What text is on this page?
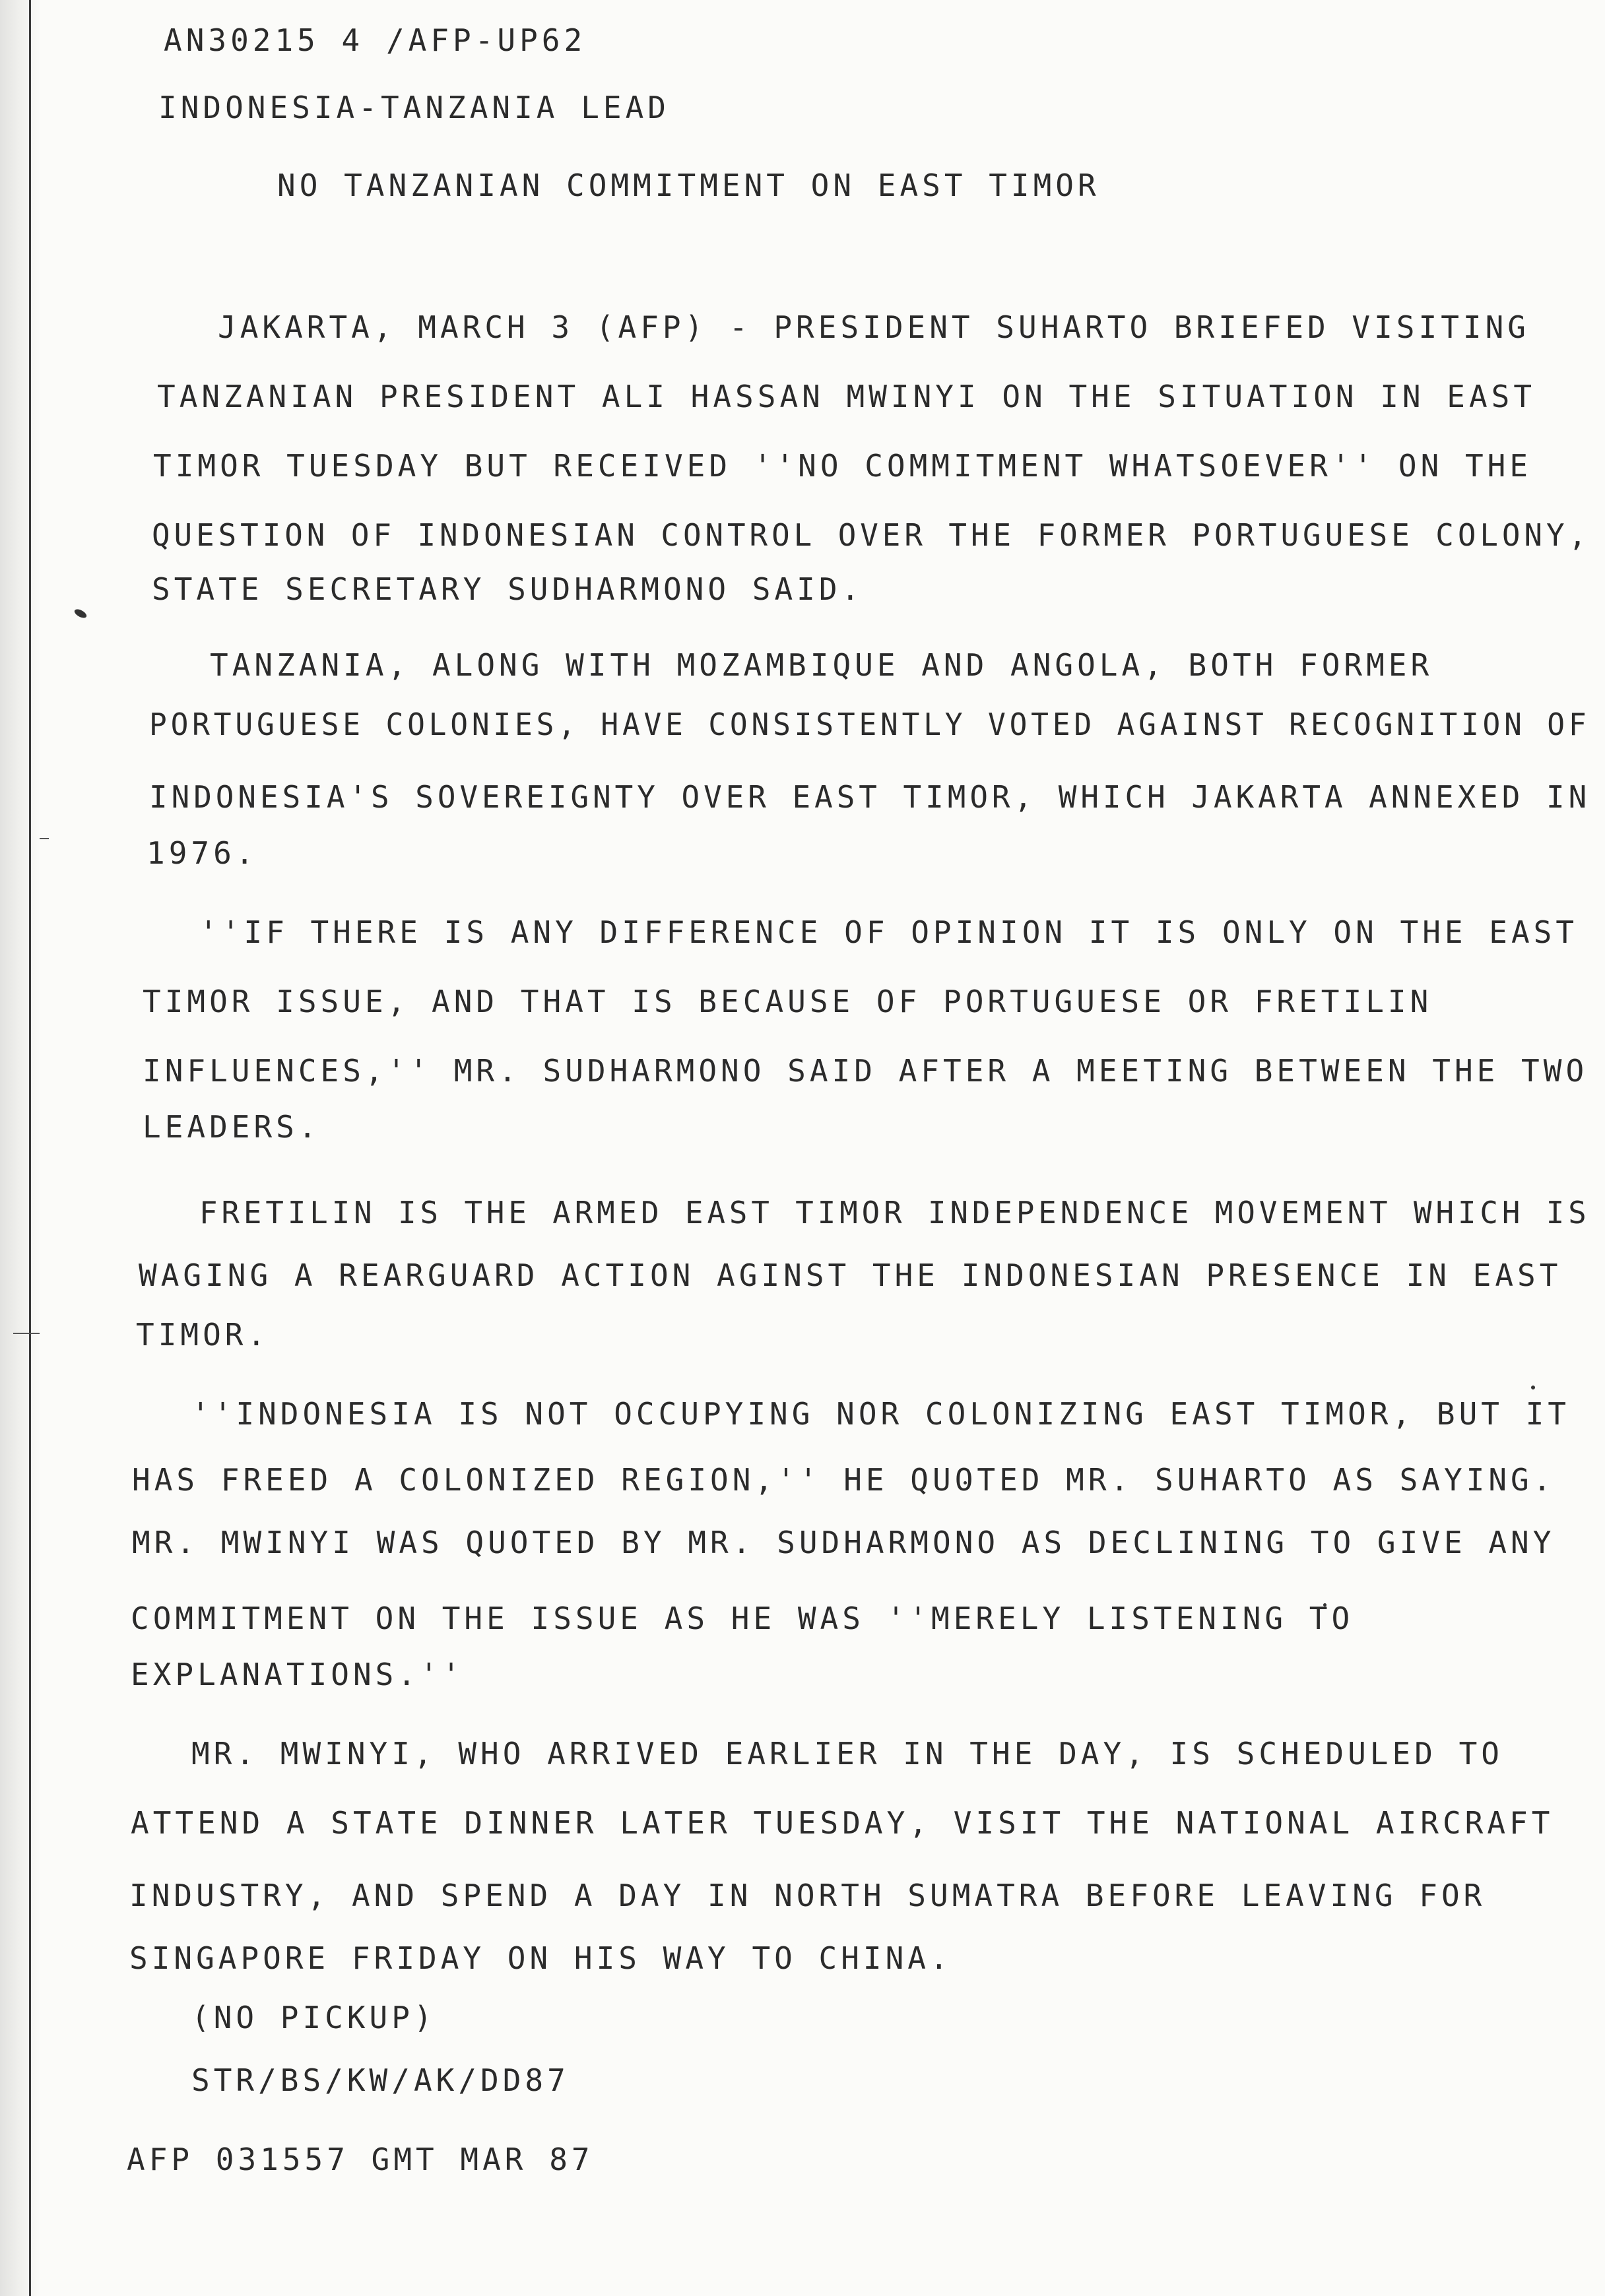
AN30215 4 /AFP-UP62
INDONESIA-TANZANIA LEAD
NO TANZANIAN COMMITMENT ON EAST TIMOR
JAKARTA, MARCH 3 (AFP) - PRESIDENT SUHARTO BRIEFED VISITING
TANZANIAN PRESIDENT ALI HASSAN MWINYI ON THE SITUATION IN EAST
TIMOR TUESDAY BUT RECEIVED ''NO COMMITMENT WHATSOEVER'' ON THE
QUESTION OF INDONESIAN CONTROL OVER THE FORMER PORTUGUESE COLONY,
STATE SECRETARY SUDHARMONO SAID.
TANZANIA, ALONG WITH MOZAMBIQUE AND ANGOLA, BOTH FORMER
PORTUGUESE COLONIES, HAVE CONSISTENTLY VOTED AGAINST RECOGNITION OF
INDONESIA'S SOVEREIGNTY OVER EAST TIMOR, WHICH JAKARTA ANNEXED IN
1976.
''IF THERE IS ANY DIFFERENCE OF OPINION IT IS ONLY ON THE EAST
TIMOR ISSUE, AND THAT IS BECAUSE OF PORTUGUESE OR FRETILIN
INFLUENCES,'' MR. SUDHARMONO SAID AFTER A MEETING BETWEEN THE TWO
LEADERS.
FRETILIN IS THE ARMED EAST TIMOR INDEPENDENCE MOVEMENT WHICH IS
WAGING A REARGUARD ACTION AGINST THE INDONESIAN PRESENCE IN EAST
TIMOR.
''INDONESIA IS NOT OCCUPYING NOR COLONIZING EAST TIMOR, BUT IT
HAS FREED A COLONIZED REGION,'' HE QUOTED MR. SUHARTO AS SAYING.
MR. MWINYI WAS QUOTED BY MR. SUDHARMONO AS DECLINING TO GIVE ANY
COMMITMENT ON THE ISSUE AS HE WAS ''MERELY LISTENING TO
EXPLANATIONS.''
MR. MWINYI, WHO ARRIVED EARLIER IN THE DAY, IS SCHEDULED TO
ATTEND A STATE DINNER LATER TUESDAY, VISIT THE NATIONAL AIRCRAFT
INDUSTRY, AND SPEND A DAY IN NORTH SUMATRA BEFORE LEAVING FOR
SINGAPORE FRIDAY ON HIS WAY TO CHINA.
(NO PICKUP)
STR/BS/KW/AK/DD87
AFP 031557 GMT MAR 87
